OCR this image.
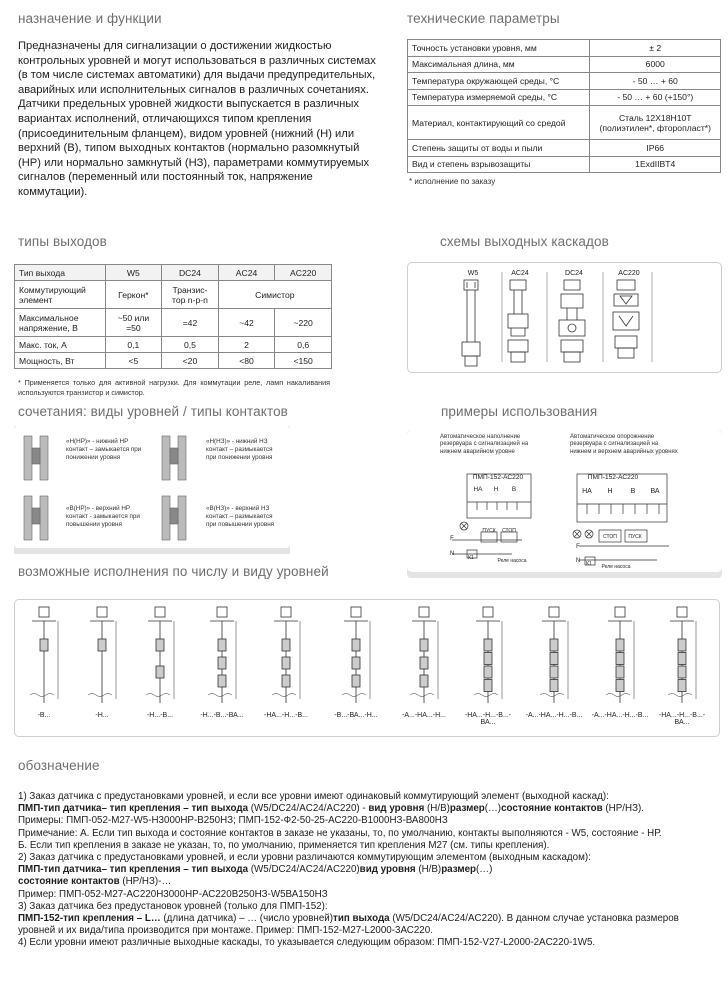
назначение и функции	технические параметры
типы выходов	схемы выходных каскадов
сочетания: виды уровней / типы контактов	примеры использования
возможные исполнения по числу и виду уровней
обозначение
Предназначены для сигнализации о достижении жидкостью контрольных уровней и могут использоваться в различных системах (в том числе системах автоматики) для выдачи предупредительных, аварийных или исполнительных сигналов в различных сочетаниях. Датчики предельных уровней жидкости выпускается в различных вариантах исполнений, отличающихся типом крепления (присоединительным фланцем), видом уровней (нижний (Н) или верхний (В), типом выходных контактов (нормально разомкнутый (НР) или нормально замкнутый (НЗ), параметрами коммутируемых сигналов (переменный или постоянный ток, напряжение коммутации).
Точность установки уровня, мм	± 2
Максимальная длина, мм	6000
Температура окружающей среды, °С	- 50 … + 60
Температура измеряемой среды, °С	- 50 … + 60 (+150°)
Материал, контактирующий со средой	Сталь 12Х18Н10Т (полиэтилен*, фторопласт*)
Степень защиты от воды и пыли	IP66
Вид и степень взрывозащиты	1ExdIIBT4
* исполнение по заказу
Тип выхода	W5	DC24	AC24	AC220
Коммутирующий элемент	Геркон*	Транзис-тор n-p-n	Симистор	
Максимальное напряжение, В	~50 или =50	=42	~42	~220
Макс. ток, А	0,1	0,5	2	0,6
Мощность, Вт	<5	<20	<80	<150
* Применяется только для активной нагрузки. Для коммутации реле, ламп накаливания используются транзистор и симистор.
W5	AC24	DC24	AC220
«Н(НР)» - нижний НР контакт – замыкается при понижении уровня
«Н(НЗ)» - нижний НЗ контакт – размыкается при понижении уровня
«В(НР)» - верхний НР контакт - замыкается при повышении уровня
«В(НЗ)» - верхний НЗ контакт – размыкается при повышении уровня
Автоматическое наполнение резервуара с сигнализацией на нижнем аварийном уровне
Автоматическое опорожнение резервуара с сигнализацией на нижнем и верхнем аварийных уровнях
ПМП-152-АС220	ПМП-152-АС220
НА	Н	В	НА	Н	В	ВА
ПУСК	СТОП
СТОП	ПУСК
F
N
F
N
Реле насоса
Реле насоса
К1
К1
-В...	-Н...	-Н...-В...	-Н...-В...-ВА...	-НА...-Н...-В...	-В...-ВА...-Н...	-А...-НА...-Н...	-НА...-Н...-В...-ВА...
-А...-НА...-Н...-В... -А...-НА...-Н...-В...	-НА...-Н...-В...-ВА...

1) Заказ датчика с предустановками уровней, и если все уровни имеют одинаковый коммутирующий элемент (выходной каскад):

ПМП-тип датчика– тип крепления – тип выхода (W5/DC24/AC24/AC220) - вид уровня (Н/В)размер(…)состояние контактов (НР/НЗ).

Примеры: ПМП-052-М27-W5-Н3000НР-В250НЗ; ПМП-152-Ф2-50-25-АС220-В1000НЗ-ВА800НЗ

Примечание: А. Если тип выхода и состояние контактов в заказе не указаны, то, по умолчанию, контакты выполняются - W5, состояние - НР.

Б. Если тип крепления в заказе не указан, то, по умолчанию, применяется тип крепления М27 (см. типы крепления).

2) Заказ датчика с предустановками уровней, и если уровни различаются коммутирующим элементом (выходным каскадом):

ПМП-тип датчика– тип крепления – тип выхода (W5/DC24/AC24/AC220)вид уровня (Н/В)размер(…)

состояние контактов (НР/НЗ)-…

Пример: ПМП-052-М27-АС220Н3000НР-АС220В250НЗ-W5ВА150НЗ

3) Заказ датчика без предустановок уровней (только для ПМП-152):

ПМП-152-тип крепления – L… (длина датчика) – … (число уровней)тип выхода (W5/DC24/AC24/AC220). В данном случае установка размеров уровней и их вида/типа производится при монтаже. Пример: ПМП-152-М27-L2000-3АС220.

4) Если уровни имеют различные выходные каскады, то указывается следующим образом: ПМП-152-V27-L2000-2AC220-1W5.
